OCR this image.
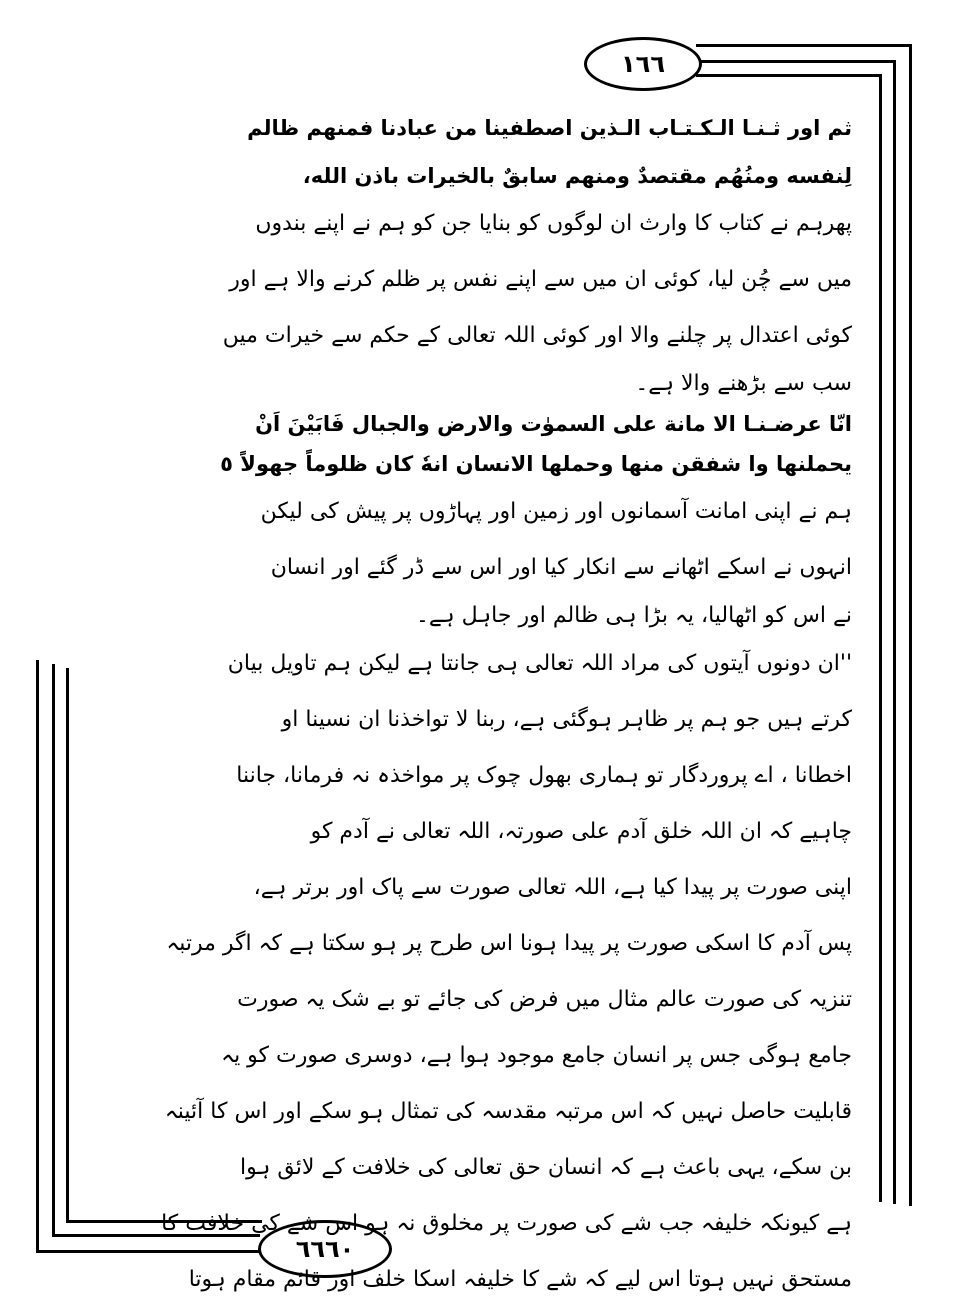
۱٦٦
٦٦٦۰
ثم اور ثـنـا الـكـتـاب الـذين اصطفينا من عبادنا فمنهم ظالم
لِنفسه ومنُهُم مقتصدٌ ومنهم سابقٌ بالخيرات باذن الله،
پھرہم نے کتاب کا وارث ان لوگوں کو بنایا جن کو ہم نے اپنے بندوں
میں سے چُن لیا، کوئی ان میں سے اپنے نفس پر ظلم کرنے والا ہے اور
کوئی اعتدال پر چلنے والا اور کوئی اللہ تعالی کے حکم سے خیرات میں
سب سے بڑھنے والا ہے۔
انّا عرضـنـا الا مانة على السموٰت والارض والجبال فَابَيْنَ اَنْ
يحملنها وا شفقن منها وحملها الانسان انهٗ كان ظلوماً جهولاً ٥
ہم نے اپنی امانت آسمانوں اور زمین اور پہاڑوں پر پیش کی لیکن
انہوں نے اسکے اٹھانے سے انکار کیا اور اس سے ڈر گئے اور انسان
نے اس کو اٹھالیا، یہ بڑا ہی ظالم اور جاہل ہے۔
''ان دونوں آیتوں کی مراد اللہ تعالی ہی جانتا ہے لیکن ہم تاویل بیان
کرتے ہیں جو ہم پر ظاہر ہوگئی ہے، ربنا لا تواخذنا ان نسينا او
اخطانا ، اے پروردگار تو ہماری بھول چوک پر مواخذہ نہ فرمانا، جاننا
چاہیے کہ ان اللہ خلق آدم علی صورتہ، اللہ تعالی نے آدم کو
اپنی صورت پر پیدا کیا ہے، اللہ تعالی صورت سے پاک اور برتر ہے،
پس آدم کا اسکی صورت پر پیدا ہونا اس طرح پر ہو سکتا ہے کہ اگر مرتبہ
تنزیہ کی صورت عالم مثال میں فرض کی جائے تو بے شک یہ صورت
جامع ہوگی جس پر انسان جامع موجود ہوا ہے، دوسری صورت کو یہ
قابلیت حاصل نہیں کہ اس مرتبہ مقدسہ کی تمثال ہو سکے اور اس کا آئینہ
بن سکے، یہی باعث ہے کہ انسان حق تعالی کی خلافت کے لائق ہوا
ہے کیونکہ خلیفہ جب شے کی صورت پر مخلوق نہ ہو اس شے کی خلافت کا
مستحق نہیں ہوتا اس لیے کہ شے کا خلیفہ اسکا خلف اور قائم مقام ہوتا
